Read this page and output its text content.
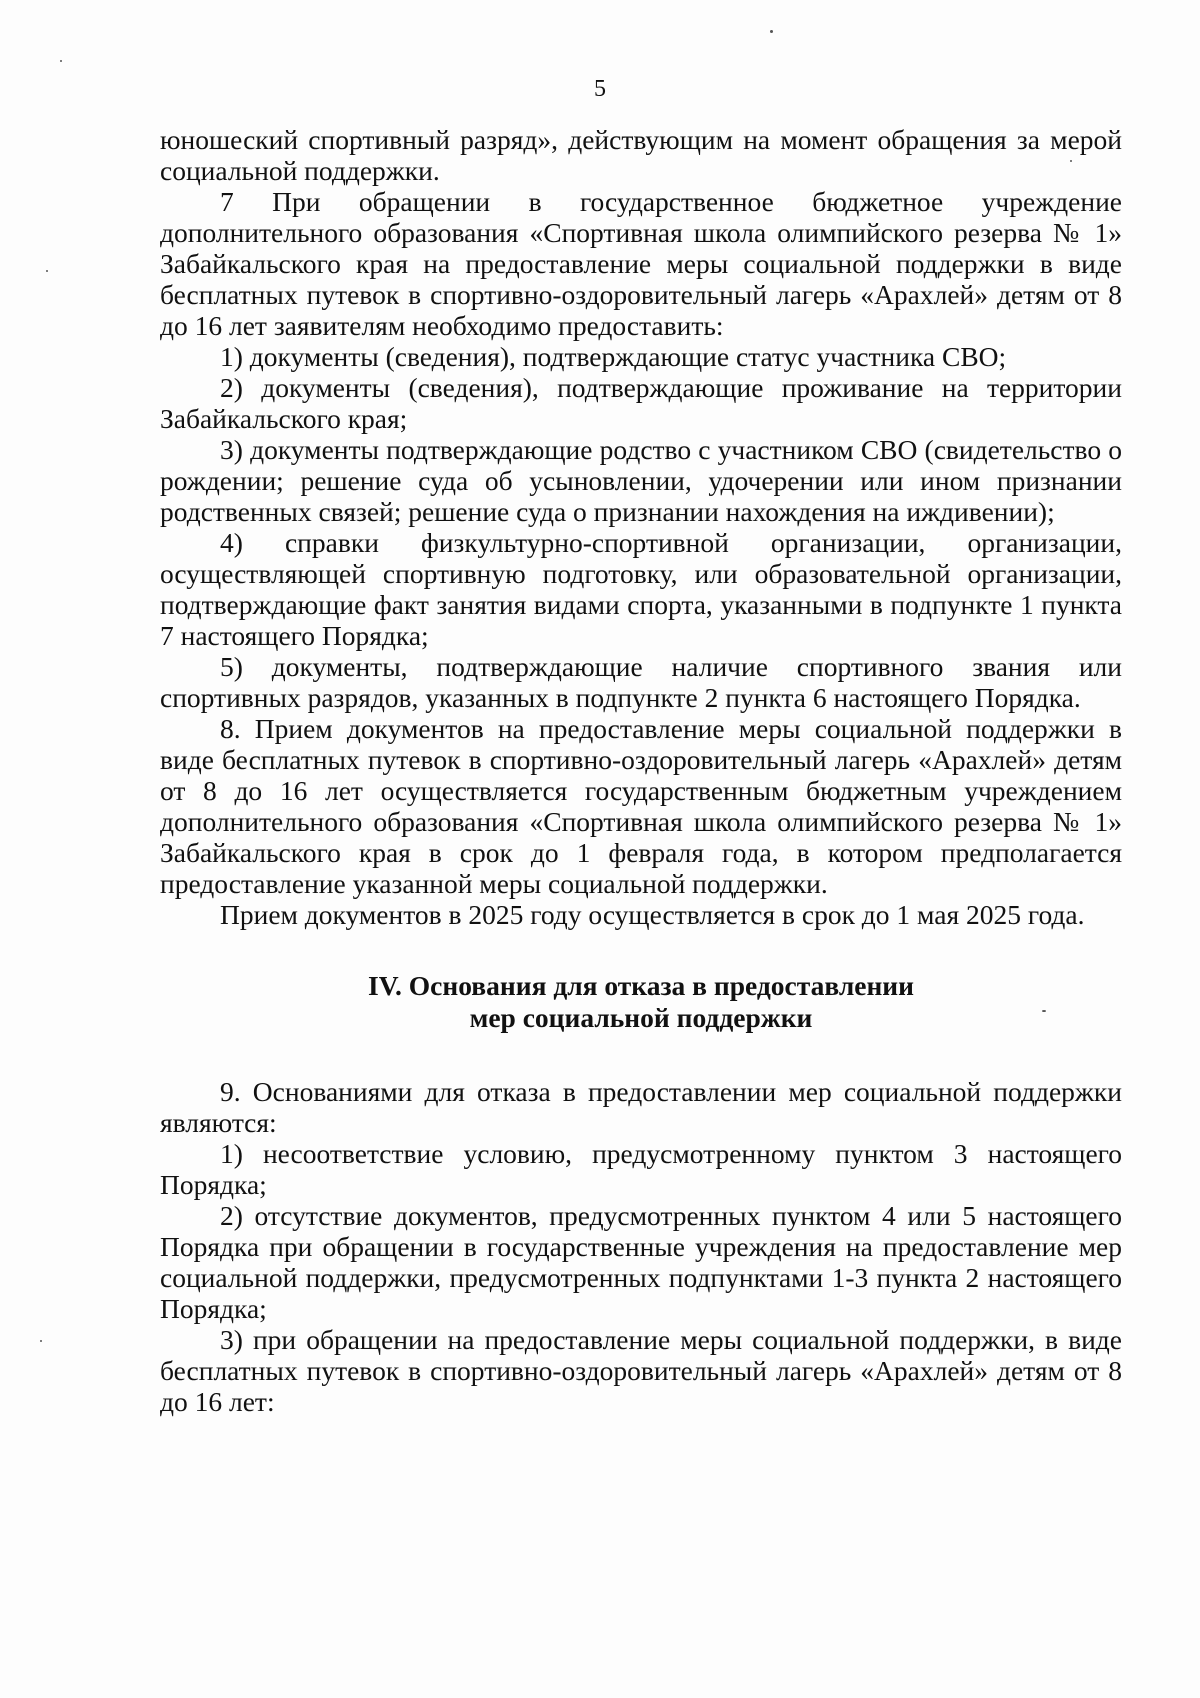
5

юношеский спортивный разряд», действующим на момент обращения за мерой социальной поддержки.

7 При обращении в государственное бюджетное учреждение дополнительного образования «Спортивная школа олимпийского резерва № 1» Забайкальского края на предоставление меры социальной поддержки в виде бесплатных путевок в спортивно-оздоровительный лагерь «Арахлей» детям от 8 до 16 лет заявителям необходимо предоставить:

1) документы (сведения), подтверждающие статус участника СВО;

2) документы (сведения), подтверждающие проживание на территории Забайкальского края;

3) документы подтверждающие родство с участником СВО (свидетельство о рождении; решение суда об усыновлении, удочерении или ином признании родственных связей; решение суда о признании нахождения на иждивении);

4) справки физкультурно-спортивной организации, организации, осуществляющей спортивную подготовку, или образовательной организации, подтверждающие факт занятия видами спорта, указанными в подпункте 1 пункта 7 настоящего Порядка;

5) документы, подтверждающие наличие спортивного звания или спортивных разрядов, указанных в подпункте 2 пункта 6 настоящего Порядка.

8. Прием документов на предоставление меры социальной поддержки в виде бесплатных путевок в спортивно-оздоровительный лагерь «Арахлей» детям от 8 до 16 лет осуществляется государственным бюджетным учреждением дополнительного образования «Спортивная школа олимпийского резерва № 1» Забайкальского края в срок до 1 февраля года, в котором предполагается предоставление указанной меры социальной поддержки.

Прием документов в 2025 году осуществляется в срок до 1 мая 2025 года.

IV. Основания для отказа в предоставлении
мер социальной поддержки

9. Основаниями для отказа в предоставлении мер социальной поддержки являются:

1) несоответствие условию, предусмотренному пунктом 3 настоящего Порядка;

2) отсутствие документов, предусмотренных пунктом 4 или 5 настоящего Порядка при обращении в государственные учреждения на предоставление мер социальной поддержки, предусмотренных подпунктами 1-3 пункта 2 настоящего Порядка;

3) при обращении на предоставление меры социальной поддержки, в виде бесплатных путевок в спортивно-оздоровительный лагерь «Арахлей» детям от 8 до 16 лет:
